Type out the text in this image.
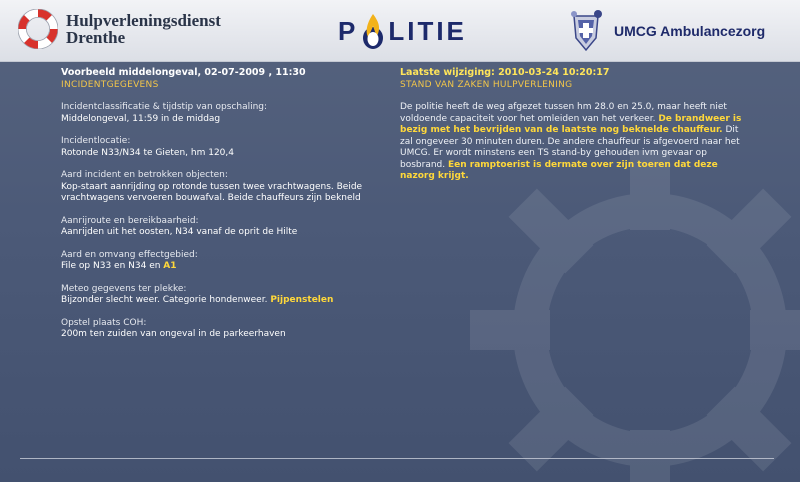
Hulpverleningsdienst
Drenthe	P LITIE	UMCG Ambulancezorg
Voorbeeld middelongeval, 02-07-2009 , 11:30
INCIDENTGEGEVENS
Incidentclassificatie & tijdstip van opschaling:
Middelongeval, 11:59 in de middag
Incidentlocatie:
Rotonde N33/N34 te Gieten, hm 120,4
Aard incident en betrokken objecten:
Kop-staart aanrijding op rotonde tussen twee vrachtwagens. Beide vrachtwagens vervoeren bouwafval. Beide chauffeurs zijn bekneld
Aanrijroute en bereikbaarheid:
Aanrijden uit het oosten, N34 vanaf de oprit de Hilte
Aard en omvang effectgebied:
File op N33 en N34 en A1
Meteo gegevens ter plekke:
Bijzonder slecht weer. Categorie hondenweer. Pijpenstelen
Opstel plaats COH:
200m ten zuiden van ongeval in de parkeerhaven
Laatste wijziging: 2010-03-24 10:20:17
STAND VAN ZAKEN HULPVERLENING
De politie heeft de weg afgezet tussen hm 28.0 en 25.0, maar heeft niet voldoende capaciteit voor het omleiden van het verkeer. De brandweer is bezig met het bevrijden van de laatste nog beknelde chauffeur. Dit zal ongeveer 30 minuten duren. De andere chauffeur is afgevoerd naar het UMCG. Er wordt minstens een TS stand-by gehouden ivm gevaar op bosbrand. Een ramptoerist is dermate over zijn toeren dat deze nazorg krijgt.
